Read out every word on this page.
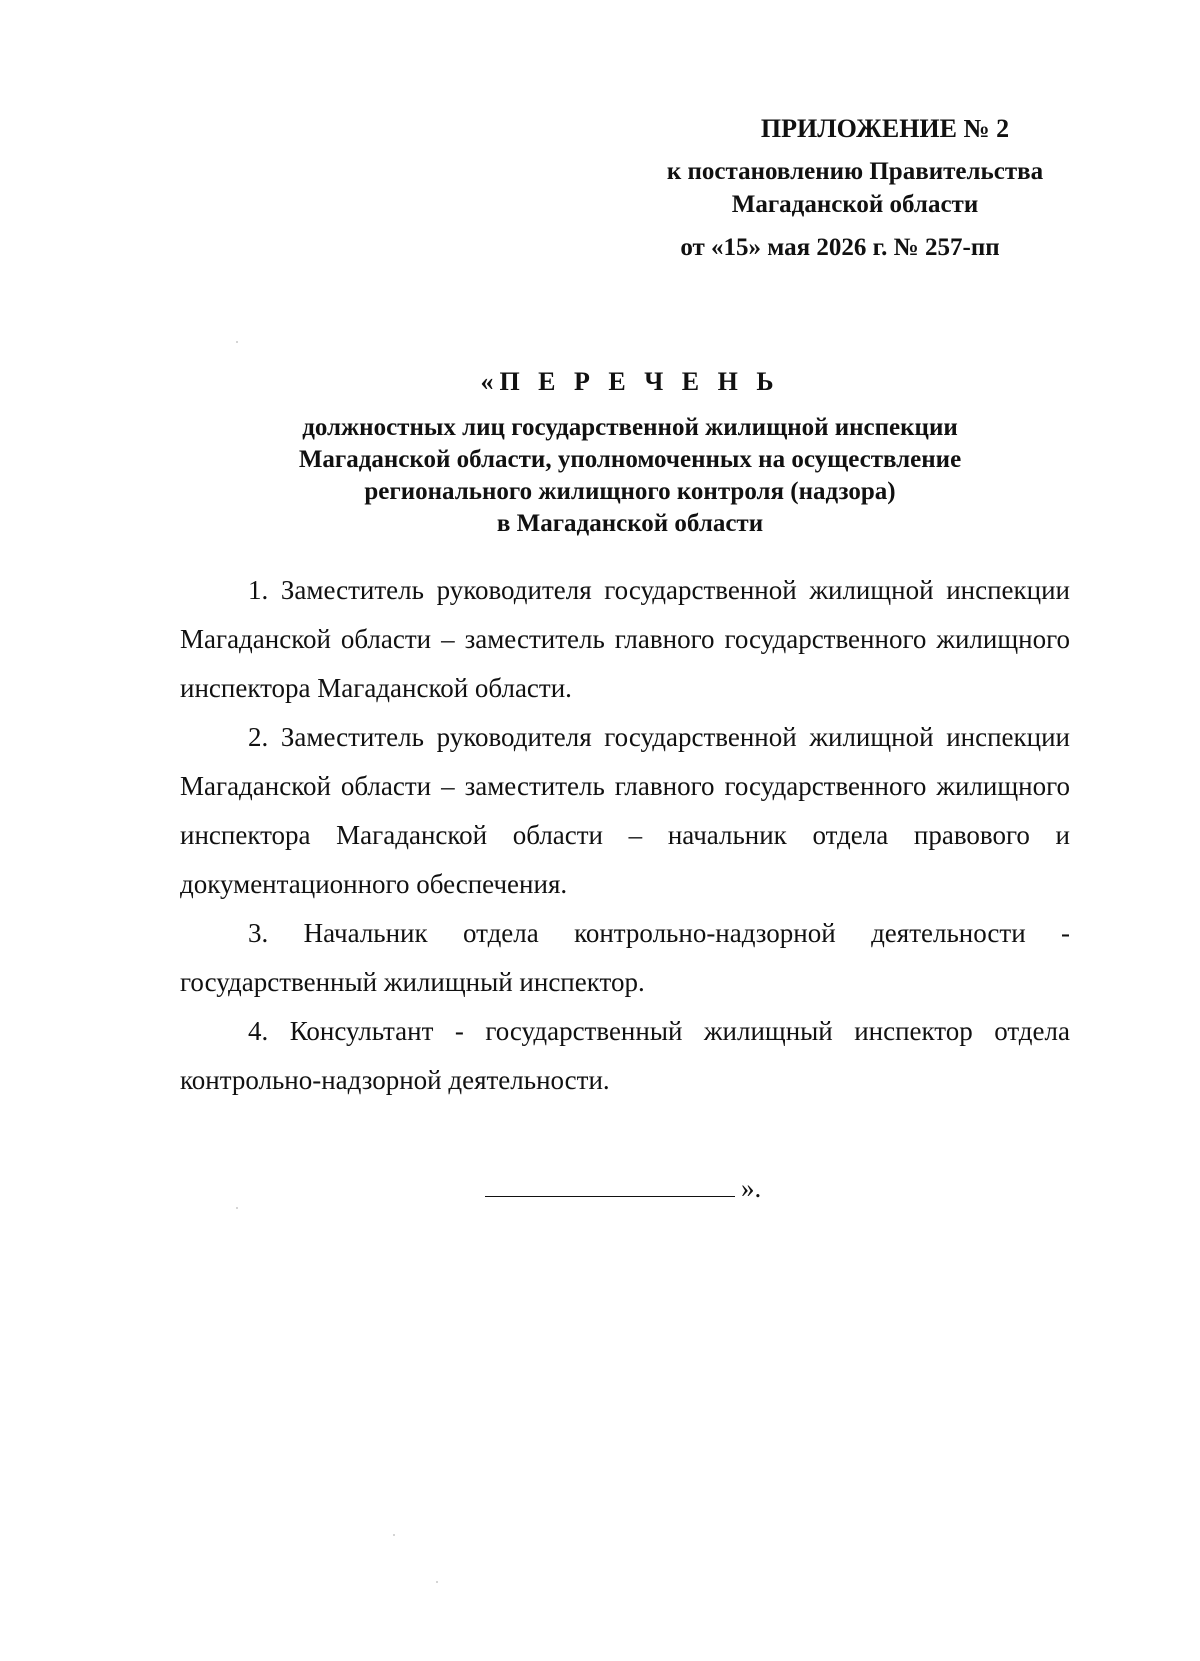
ПРИЛОЖЕНИЕ № 2
к постановлению Правительства
Магаданской области
от «15» мая 2026 г. № 257-пп
«П Е Р Е Ч Е Н Ь
должностных лиц государственной жилищной инспекции
Магаданской области, уполномоченных на осуществление
регионального жилищного контроля (надзора)
в Магаданской области

1. Заместитель руководителя государственной жилищной инспекции Магаданской области – заместитель главного государственного жилищного инспектора Магаданской области.

2. Заместитель руководителя государственной жилищной инспекции Магаданской области – заместитель главного государственного жилищного инспектора Магаданской области – начальник отдела правового и документационного обеспечения.

3. Начальник отдела контрольно-надзорной деятельности - государственный жилищный инспектор.

4. Консультант - государственный жилищный инспектор отдела контрольно-надзорной деятельности.

».
